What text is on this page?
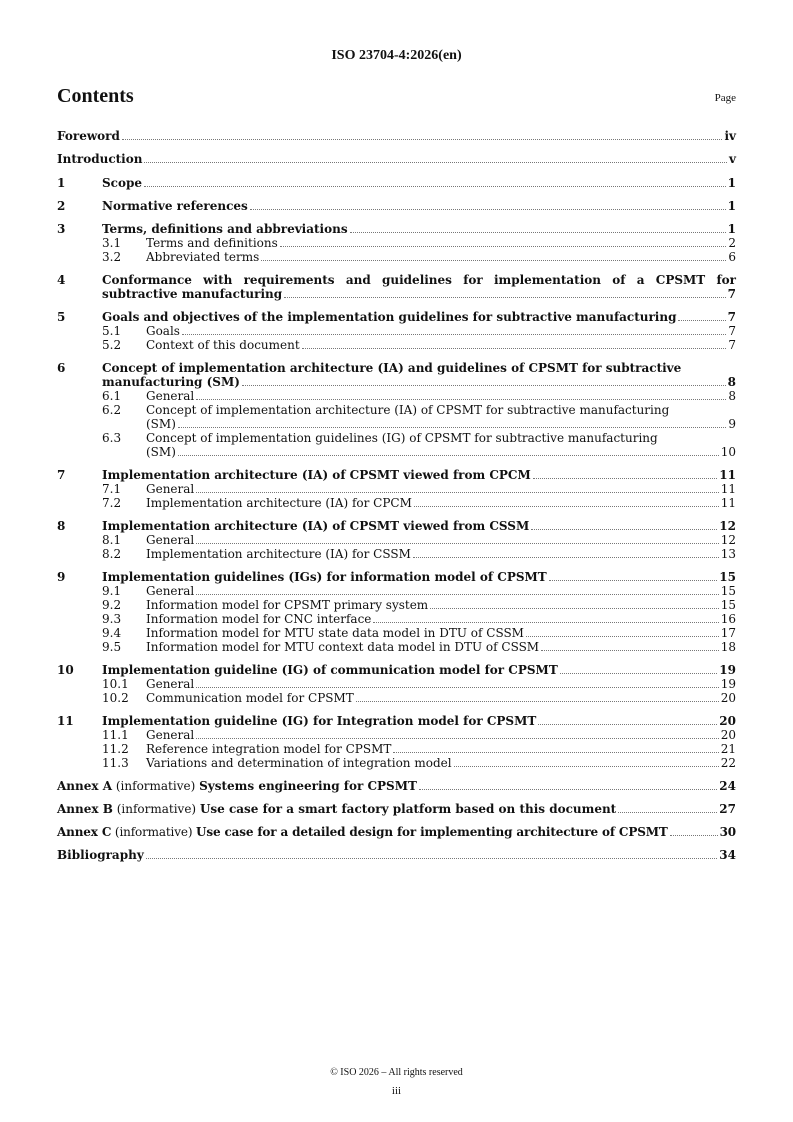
ISO 23704-4:2026(en)
Contents	Page
Foreword	iv
Introduction	v
1	Scope	1
2	Normative references	1
3	Terms, definitions and abbreviations	1
3.1	Terms and definitions	2
3.2	Abbreviated terms	6
4	Conformance with requirements and guidelines for implementation of a CPSMT for
subtractive manufacturing	7
5	Goals and objectives of the implementation guidelines for subtractive manufacturing	7
5.1	Goals	7
5.2	Context of this document	7
6	Concept of implementation architecture (IA) and guidelines of CPSMT for subtractive
manufacturing (SM)	8
6.1	General	8
6.2	Concept of implementation architecture (IA) of CPSMT for subtractive manufacturing
(SM)	9
6.3	Concept of implementation guidelines (IG) of CPSMT for subtractive manufacturing
(SM)	10
7	Implementation architecture (IA) of CPSMT viewed from CPCM	11
7.1	General	11
7.2	Implementation architecture (IA) for CPCM	11
8	Implementation architecture (IA) of CPSMT viewed from CSSM	12
8.1	General	12
8.2	Implementation architecture (IA) for CSSM	13
9	Implementation guidelines (IGs) for information model of CPSMT	15
9.1	General	15
9.2	Information model for CPSMT primary system	15
9.3	Information model for CNC interface	16
9.4	Information model for MTU state data model in DTU of CSSM	17
9.5	Information model for MTU context data model in DTU of CSSM	18
10	Implementation guideline (IG) of communication model for CPSMT	19
10.1	General	19
10.2	Communication model for CPSMT	20
11	Implementation guideline (IG) for Integration model for CPSMT	20
11.1	General	20
11.2	Reference integration model for CPSMT	21
11.3	Variations and determination of integration model	22
Annex A (informative) Systems engineering for CPSMT	24
Annex B (informative) Use case for a smart factory platform based on this document	27
Annex C (informative) Use case for a detailed design for implementing architecture of CPSMT	30
Bibliography	34
© ISO 2026 – All rights reserved
iii
